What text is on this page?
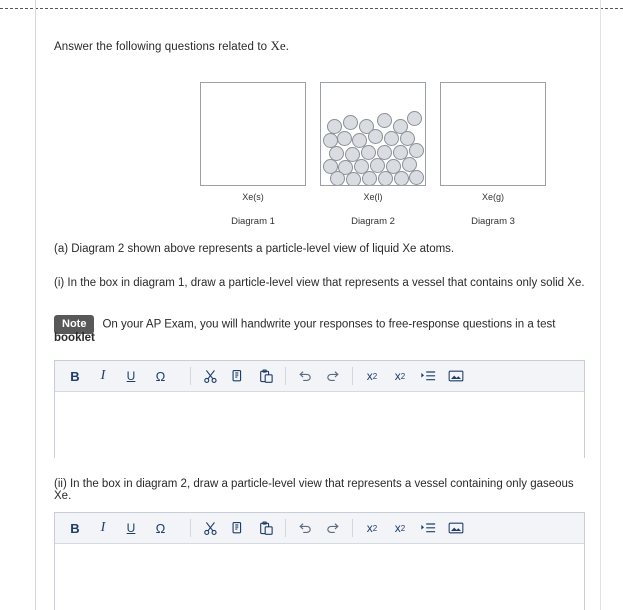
Answer the following questions related to Xe.
Xe(s)	Xe(l)	Xe(g)
Diagram 1	Diagram 2	Diagram 3
(a) Diagram 2 shown above represents a particle-level view of liquid Xe atoms.
(i) In the box in diagram 1, draw a particle-level view that represents a vessel that contains only solid Xe.
Note On your AP Exam, you will handwrite your responses to free-response questions in a test
booklet
B	I	U	Ω	x 2 x 2
(ii) In the box in diagram 2, draw a particle-level view that represents a vessel containing only gaseous Xe.
B	I	U	Ω	x 2 x 2
